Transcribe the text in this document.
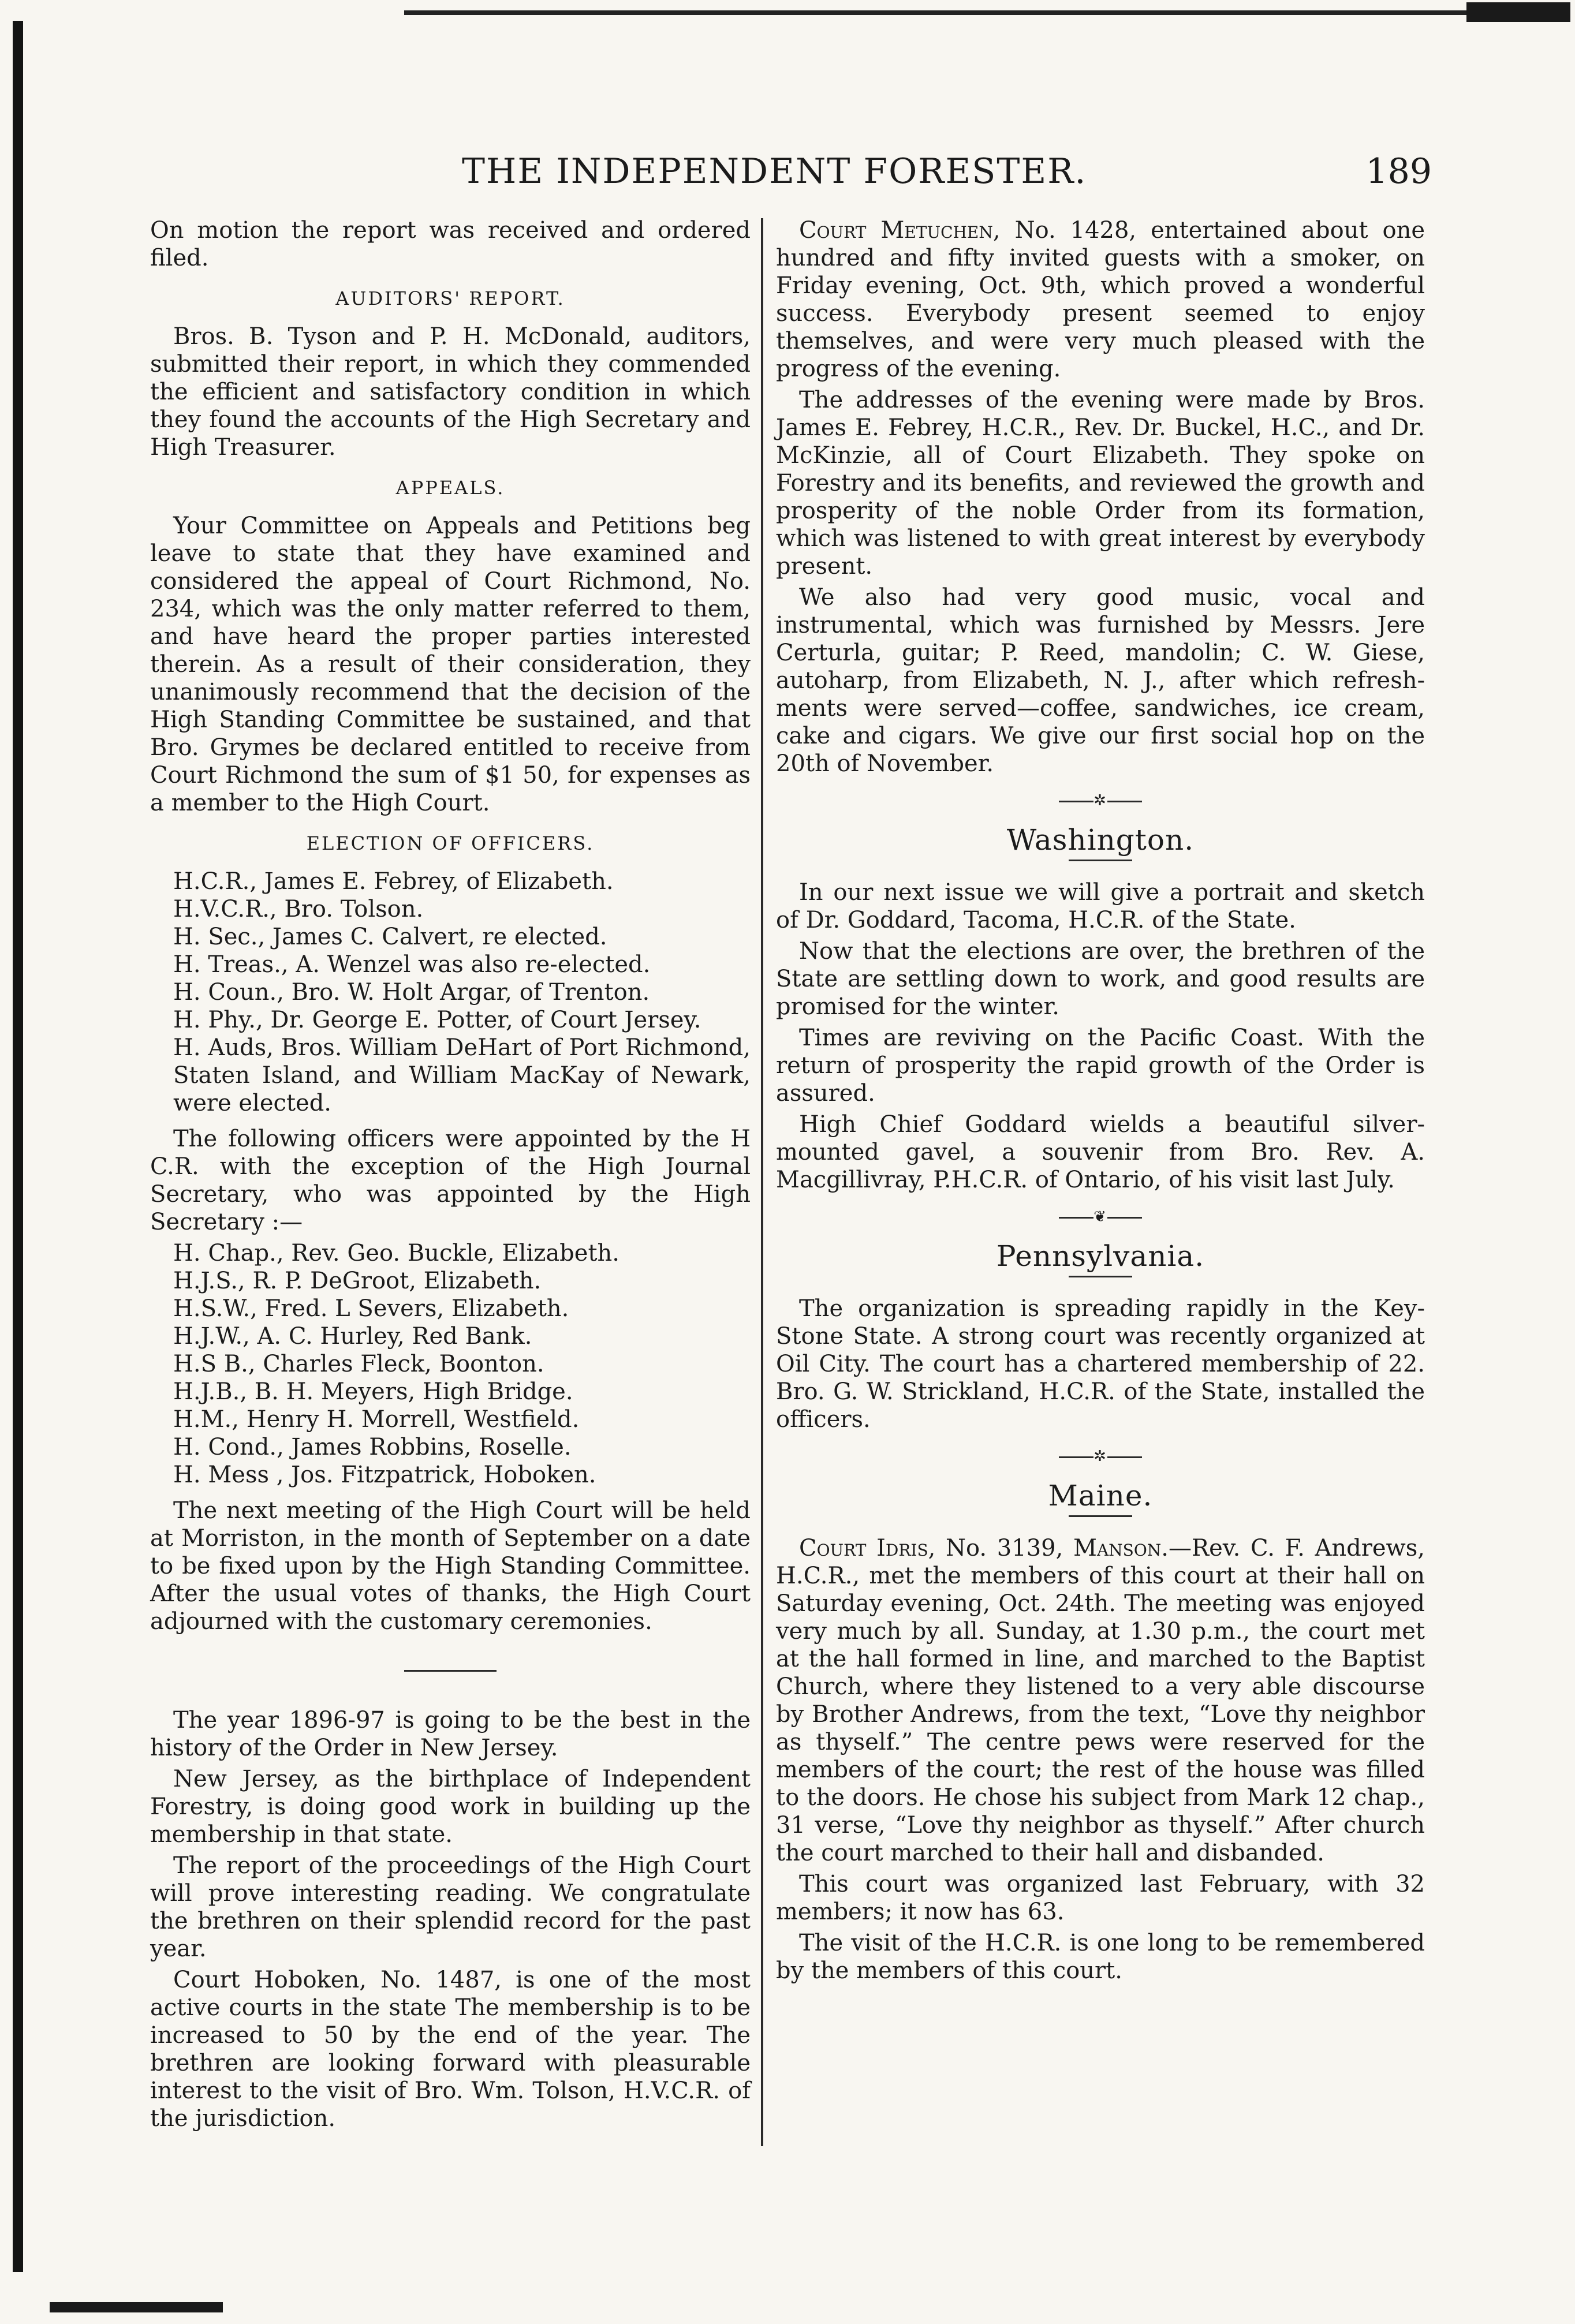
THE INDEPENDENT FORESTER.	189

On motion the report was received and ordered filed.

AUDITORS' REPORT.

Bros. B. Tyson and P. H. McDonald, auditors, submitted their report, in which they commended the efficient and satisfactory condition in which they found the accounts of the High Secretary and High Treasurer.

APPEALS.

Your Committee on Appeals and Petitions beg leave to state that they have examined and considered the appeal of Court Richmond, No. 234, which was the only matter referred to them, and have heard the proper parties interested therein. As a result of their consideration, they unanimously recommend that the decision of the High Standing Committee be sustained, and that Bro. Grymes be declared entitled to receive from Court Richmond the sum of $1 50, for expenses as a member to the High Court.

ELECTION OF OFFICERS.
H.C.R., James E. Febrey, of Elizabeth.
H.V.C.R., Bro. Tolson.
H. Sec., James C. Calvert, re elected.
H. Treas., A. Wenzel was also re-elected.
H. Coun., Bro. W. Holt Argar, of Trenton.
H. Phy., Dr. George E. Potter, of Court Jersey.
H. Auds, Bros. William DeHart of Port Richmond, Staten Island, and William MacKay of Newark, were elected.

The following officers were appointed by the H C.R. with the exception of the High Journal Secretary, who was appointed by the High Secretary :—

H. Chap., Rev. Geo. Buckle, Elizabeth.
H.J.S., R. P. DeGroot, Elizabeth.
H.S.W., Fred. L Severs, Elizabeth.
H.J.W., A. C. Hurley, Red Bank.
H.S B., Charles Fleck, Boonton.
H.J.B., B. H. Meyers, High Bridge.
H.M., Henry H. Morrell, Westfield.
H. Cond., James Robbins, Roselle.
H. Mess , Jos. Fitzpatrick, Hoboken.

The next meeting of the High Court will be held at Morriston, in the month of September on a date to be fixed upon by the High Standing Committee. After the usual votes of thanks, the High Court adjourned with the customary ceremonies.

The year 1896-97 is going to be the best in the history of the Order in New Jersey.

New Jersey, as the birthplace of Independent Forestry, is doing good work in building up the membership in that state.

The report of the proceedings of the High Court will prove interesting reading. We congratulate the brethren on their splendid record for the past year.

Court Hoboken, No. 1487, is one of the most active courts in the state The membership is to be increased to 50 by the end of the year. The brethren are looking forward with pleasurable interest to the visit of Bro. Wm. Tolson, H.V.C.R. of the jurisdiction.

Court Metuchen, No. 1428, entertained about one hundred and fifty invited guests with a smoker, on Friday evening, Oct. 9th, which proved a wonderful success. Everybody present seemed to enjoy themselves, and were very much pleased with the progress of the evening.

The addresses of the evening were made by Bros. James E. Febrey, H.C.R., Rev. Dr. Buckel, H.C., and Dr. McKinzie, all of Court Elizabeth. They spoke on Forestry and its benefits, and reviewed the growth and prosperity of the noble Order from its formation, which was listened to with great interest by everybody present.

We also had very good music, vocal and instrumental, which was furnished by Messrs. Jere Certurla, guitar; P. Reed, mandolin; C. W. Giese, autoharp, from Elizabeth, N. J., after which refresh- ments were served—coffee, sandwiches, ice cream, cake and cigars. We give our first social hop on the 20th of November.

✲
Washington.

In our next issue we will give a portrait and sketch of Dr. Goddard, Tacoma, H.C.R. of the State.

Now that the elections are over, the brethren of the State are settling down to work, and good results are promised for the winter.

Times are reviving on the Pacific Coast. With the return of prosperity the rapid growth of the Order is assured.

High Chief Goddard wields a beautiful silver-mounted gavel, a souvenir from Bro. Rev. A. Macgillivray, P.H.C.R. of Ontario, of his visit last July.

❦
Pennsylvania.

The organization is spreading rapidly in the Key-Stone State. A strong court was recently organized at Oil City. The court has a chartered membership of 22. Bro. G. W. Strickland, H.C.R. of the State, installed the officers.

✲
Maine.

Court Idris, No. 3139, Manson.—Rev. C. F. Andrews, H.C.R., met the members of this court at their hall on Saturday evening, Oct. 24th. The meeting was enjoyed very much by all. Sunday, at 1.30 p.m., the court met at the hall formed in line, and marched to the Baptist Church, where they listened to a very able discourse by Brother Andrews, from the text, “Love thy neighbor as thyself.” The centre pews were reserved for the members of the court; the rest of the house was filled to the doors. He chose his subject from Mark 12 chap., 31 verse, “Love thy neighbor as thyself.” After church the court marched to their hall and disbanded.

This court was organized last February, with 32 members; it now has 63.

The visit of the H.C.R. is one long to be remembered by the members of this court.
